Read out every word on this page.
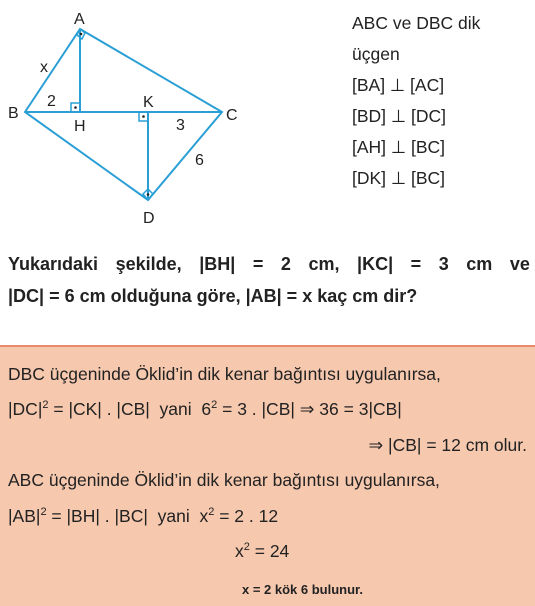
A
B	C
D
H
K
x
2
3
6
ABC ve DBC dik
üçgen
[BA] ⊥ [AC]
[BD] ⊥ [DC]
[AH] ⊥ [BC]
[DK] ⊥ [BC]
Yukarıdaki şekilde, |BH| = 2 cm, |KC| = 3 cm ve
|DC| = 6 cm olduğuna göre, |AB| = x kaç cm dir?
DBC üçgeninde Öklid’in dik kenar bağıntısı uygulanırsa,
$|DC|^2 = |CK|$ . |CB|  yani  $6^2 = 3$ . |CB| ⇒ 36 = 3|CB|
⇒ |CB| = 12 cm olur.
ABC üçgeninde Öklid’in dik kenar bağıntısı uygulanırsa,
$|AB|^2 = |BH|$ . |BC|  yani  $x^2 = 2$ . 12
$x^2 = 24$
x = 2 kök 6 bulunur.
